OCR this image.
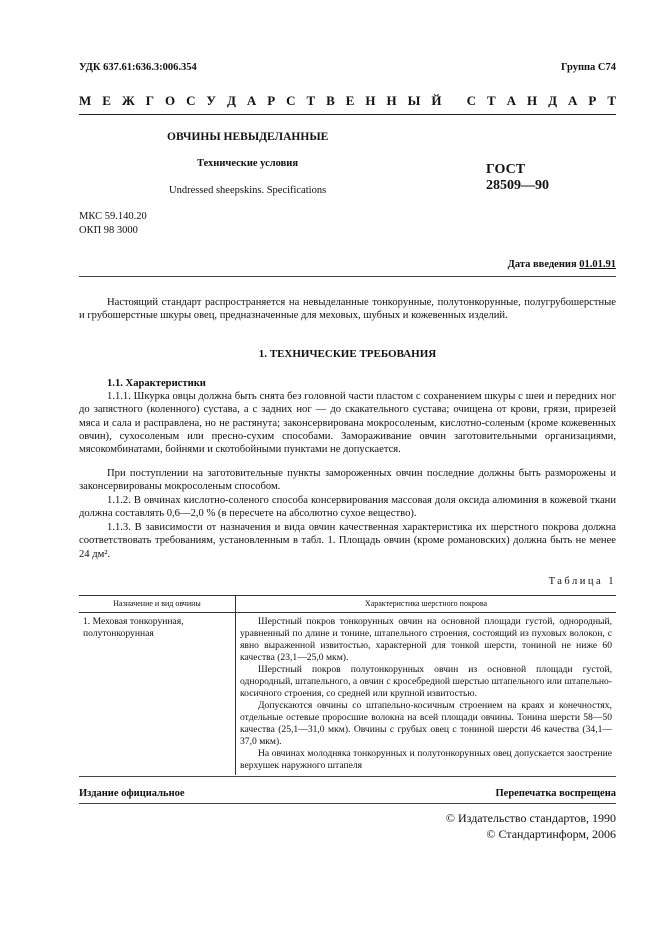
УДК 637.61:636.3:006.354	Группа С74
М Е Ж Г О С У Д А Р С Т В Е Н Н Ы Й
С Т А Н Д А Р Т
ОВЧИНЫ НЕВЫДЕЛАННЫЕ
Технические условия
Undressed sheepskins. Specifications
ГОСТ
28509—90
МКС 59.140.20
ОКП 98 3000
Дата введения 01.01.91
Настоящий стандарт распространяется на невыделанные тонкорунные, полутонкорунные, полугрубошерстные и грубошерстные шкуры овец, предназначенные для меховых, шубных и кожевенных изделий.
1. ТЕХНИЧЕСКИЕ ТРЕБОВАНИЯ
1.1. Характеристики
1.1.1. Шкурка овцы должна быть снята без головной части пластом с сохранением шкуры с шеи и передних ног до запястного (коленного) сустава, а с задних ног — до скакательного сустава; очищена от крови, грязи, прирезей мяса и сала и расправлена, но не растянута; законсервирована мокросоленым, кислотно-соленым (кроме кожевенных овчин), сухосоленым или пресно-сухим способами. Замораживание овчин заготовительными организациями, мясокомбинатами, бойнями и скотобойными пунктами не допускается.
При поступлении на заготовительные пункты замороженных овчин последние должны быть разморожены и законсервированы мокросоленым способом.
1.1.2. В овчинах кислотно-соленого способа консервирования массовая доля оксида алюминия в кожевой ткани должна составлять 0,6—2,0 % (в пересчете на абсолютно сухое вещество).
1.1.3. В зависимости от назначения и вида овчин качественная характеристика их шерстного покрова должна соответствовать требованиям, установленным в табл. 1. Площадь овчин (кроме романовских) должна быть не менее 24 дм².
Таблица 1
Назначение и вид овчины	Характеристика шерстного покрова
1. Меховая тонкорунная, полутонкорунная	Шерстный покров тонкорунных овчин на основной площади густой, однородный, уравненный по длине и тонине, штапельного строения, состоящий из пуховых волокон, с явно выраженной извитостью, характерной для тонкой шерсти, тониной не ниже 60 качества (23,1—25,0 мкм).

Шерстный покров полутонкорунных овчин из основной площади густой, однородный, штапельного, а овчин с кросебредной шерстью штапельного или штапельно-косичного строения, со средней или крупной извитостью.

Допускаются овчины со штапельно-косичным строением на краях и конечностях, отдельные остевые проросшие волокна на всей площади овчины. Тонина шерсти 58—50 качества (25,1—31,0 мкм). Овчины с грубых овец с тониной шерсти 46 качества (34,1—37,0 мкм).

На овчинах молодняка тонкорунных и полутонкорунных овец допускается заострение верхушек наружного штапеля

Издание официальное	Перепечатка воспрещена
© Издательство стандартов, 1990
© Стандартинформ, 2006
